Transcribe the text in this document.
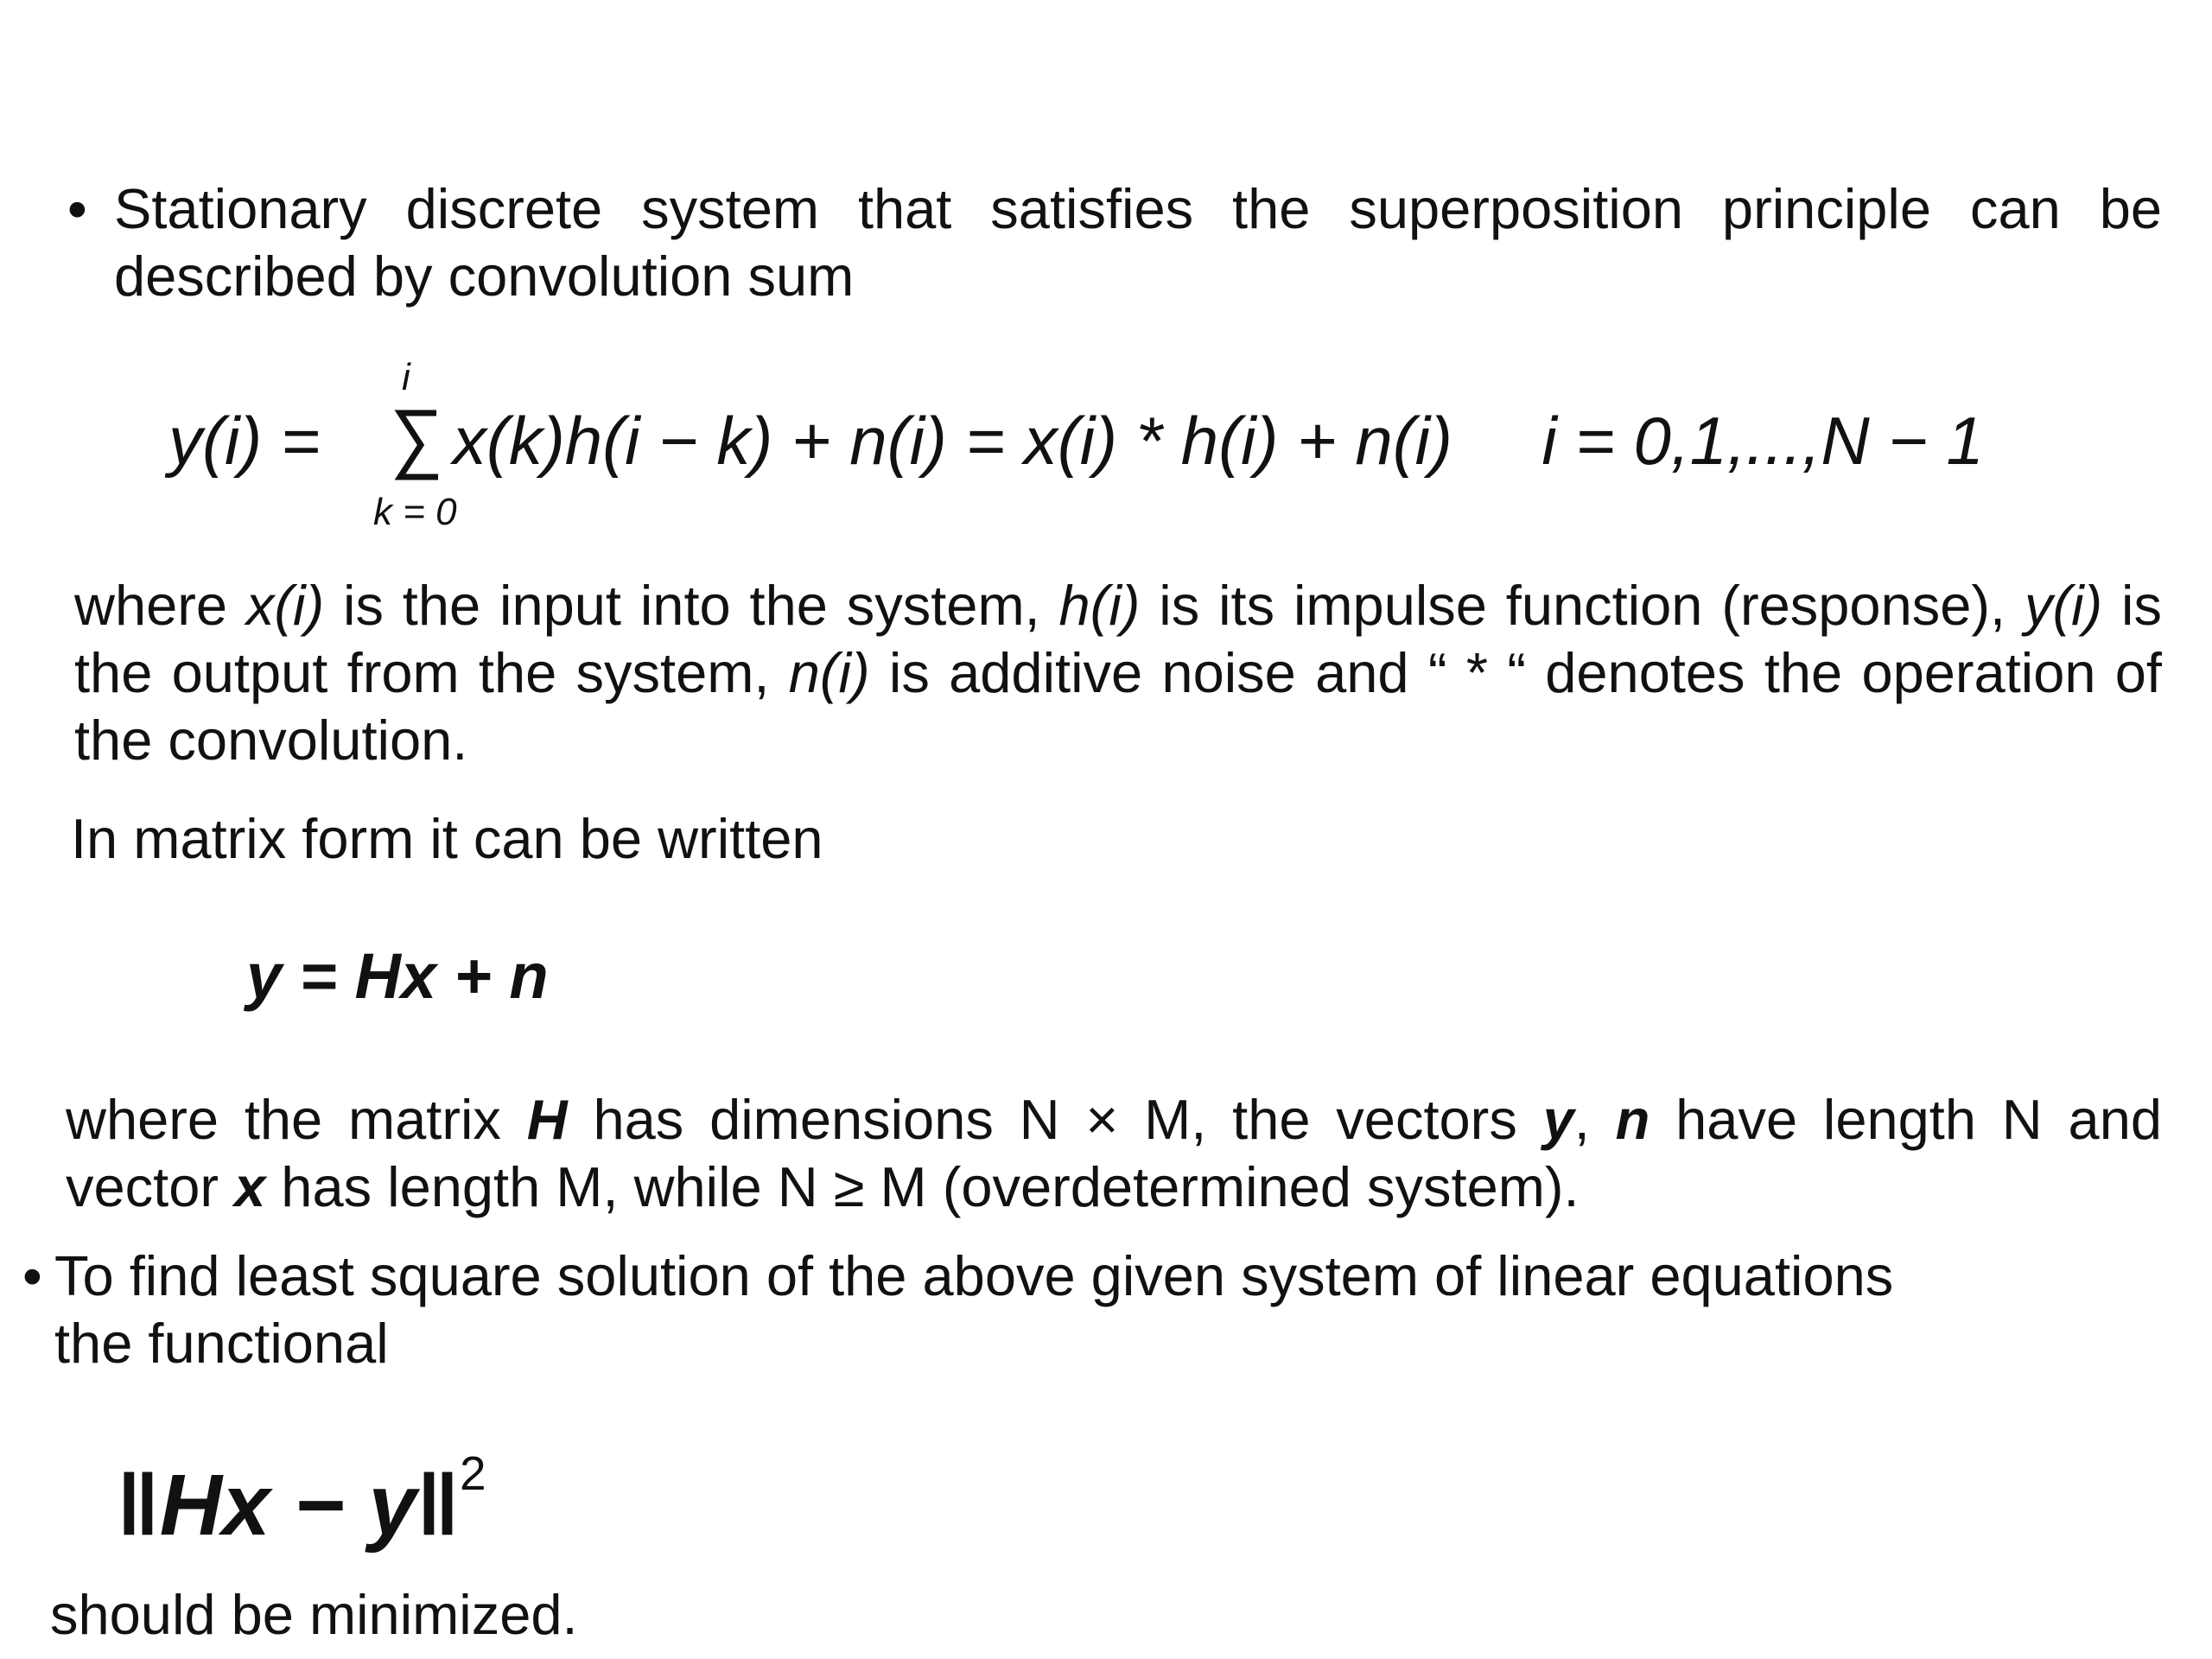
• Stationary discrete system that satisfies the superposition principle can be described by convolution sum
i
k = 0
y(i) = x(k)h(i − k) + n(i) = x(i) * h(i) + n(i) i = 0,1,...,N − 1
where x(i) is the input into the system, h(i) is its impulse function (response), y(i) is the output from the system, n(i) is additive noise and “ * “ denotes the operation of the convolution.
In matrix form it can be written
y = Hx + n
where the matrix H has dimensions N × M, the vectors y, n have length N and vector x has length M, while N ≥ M (overdetermined system).
• To find least square solution of the above given system of linear equations
the functional
‖Hx − y‖$^2$
should be minimized.
